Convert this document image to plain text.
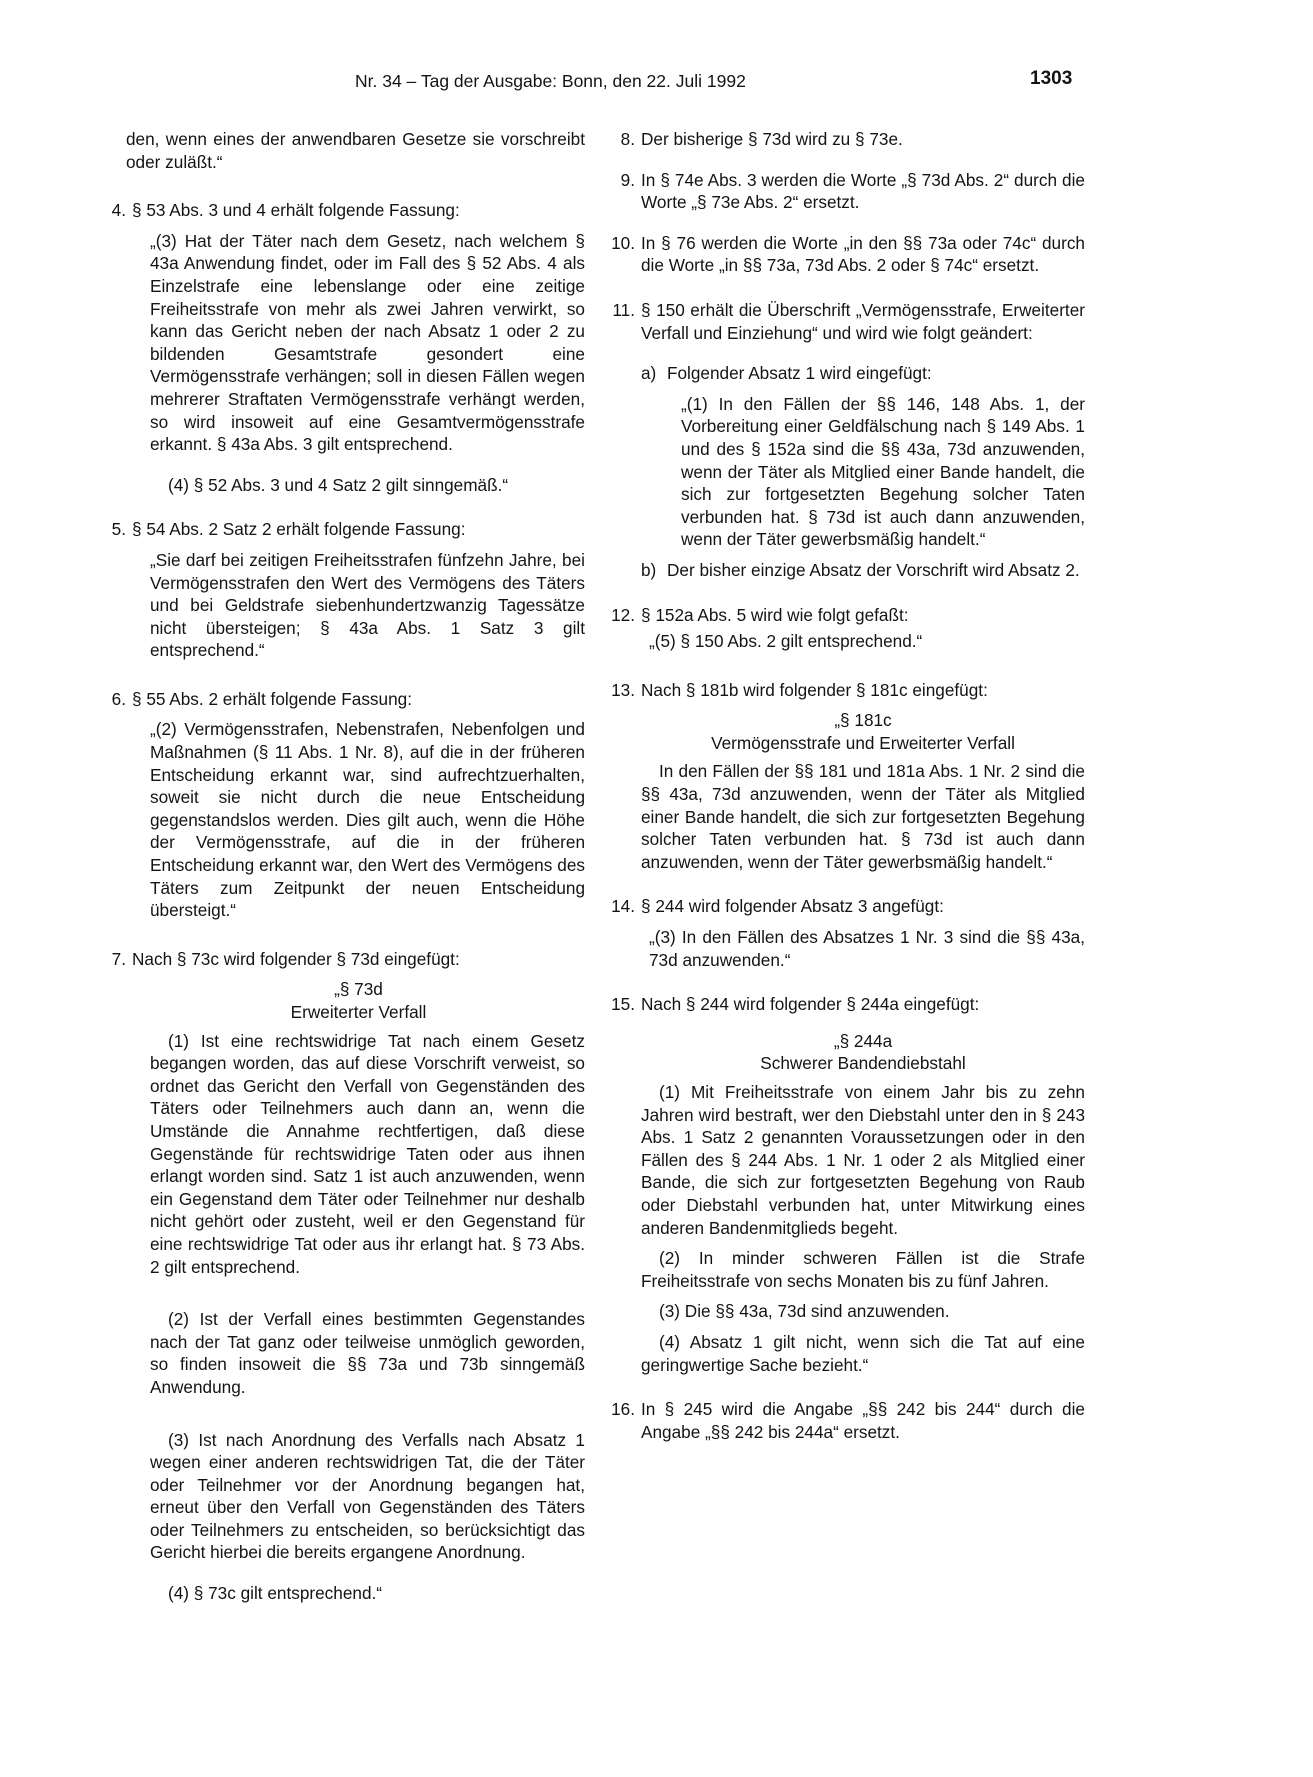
Nr. 34 – Tag der Ausgabe: Bonn, den 22. Juli 1992	1303
den, wenn eines der anwendbaren Gesetze sie vorschreibt oder zuläßt.“
4. § 53 Abs. 3 und 4 erhält folgende Fassung:

„(3) Hat der Täter nach dem Gesetz, nach welchem § 43a Anwendung findet, oder im Fall des § 52 Abs. 4 als Einzelstrafe eine lebenslange oder eine zeitige Freiheitsstrafe von mehr als zwei Jahren verwirkt, so kann das Gericht neben der nach Absatz 1 oder 2 zu bildenden Gesamtstrafe gesondert eine Vermögensstrafe verhängen; soll in diesen Fällen wegen mehrerer Straftaten Vermögensstrafe verhängt werden, so wird insoweit auf eine Gesamtvermögensstrafe erkannt. § 43a Abs. 3 gilt entsprechend.

(4) § 52 Abs. 3 und 4 Satz 2 gilt sinngemäß.“

5. § 54 Abs. 2 Satz 2 erhält folgende Fassung:

„Sie darf bei zeitigen Freiheitsstrafen fünfzehn Jahre, bei Vermögensstrafen den Wert des Vermögens des Täters und bei Geldstrafe siebenhundertzwanzig Tagessätze nicht übersteigen; § 43a Abs. 1 Satz 3 gilt entsprechend.“

6. § 55 Abs. 2 erhält folgende Fassung:

„(2) Vermögensstrafen, Nebenstrafen, Nebenfolgen und Maßnahmen (§ 11 Abs. 1 Nr. 8), auf die in der früheren Entscheidung erkannt war, sind aufrechtzuerhalten, soweit sie nicht durch die neue Entscheidung gegenstandslos werden. Dies gilt auch, wenn die Höhe der Vermögensstrafe, auf die in der früheren Entscheidung erkannt war, den Wert des Vermögens des Täters zum Zeitpunkt der neuen Entscheidung übersteigt.“

7. Nach § 73c wird folgender § 73d eingefügt:

„§ 73d

Erweiterter Verfall

(1) Ist eine rechtswidrige Tat nach einem Gesetz begangen worden, das auf diese Vorschrift verweist, so ordnet das Gericht den Verfall von Gegenständen des Täters oder Teilnehmers auch dann an, wenn die Umstände die Annahme rechtfertigen, daß diese Gegenstände für rechtswidrige Taten oder aus ihnen erlangt worden sind. Satz 1 ist auch anzuwenden, wenn ein Gegenstand dem Täter oder Teilnehmer nur deshalb nicht gehört oder zusteht, weil er den Gegenstand für eine rechtswidrige Tat oder aus ihr erlangt hat. § 73 Abs. 2 gilt entsprechend.

(2) Ist der Verfall eines bestimmten Gegenstandes nach der Tat ganz oder teilweise unmöglich geworden, so finden insoweit die §§ 73a und 73b sinngemäß Anwendung.

(3) Ist nach Anordnung des Verfalls nach Absatz 1 wegen einer anderen rechtswidrigen Tat, die der Täter oder Teilnehmer vor der Anordnung begangen hat, erneut über den Verfall von Gegenständen des Täters oder Teilnehmers zu entscheiden, so berücksichtigt das Gericht hierbei die bereits ergangene Anordnung.

(4) § 73c gilt entsprechend.“

8. Der bisherige § 73d wird zu § 73e.

9. In § 74e Abs. 3 werden die Worte „§ 73d Abs. 2“ durch die Worte „§ 73e Abs. 2“ ersetzt.

10. In § 76 werden die Worte „in den §§ 73a oder 74c“ durch die Worte „in §§ 73a, 73d Abs. 2 oder § 74c“ ersetzt.

11. § 150 erhält die Überschrift „Vermögensstrafe, Erweiterter Verfall und Einziehung“ und wird wie folgt geändert:

a) Folgender Absatz 1 wird eingefügt:

„(1) In den Fällen der §§ 146, 148 Abs. 1, der Vorbereitung einer Geldfälschung nach § 149 Abs. 1 und des § 152a sind die §§ 43a, 73d anzuwenden, wenn der Täter als Mitglied einer Bande handelt, die sich zur fortgesetzten Begehung solcher Taten verbunden hat. § 73d ist auch dann anzuwenden, wenn der Täter gewerbsmäßig handelt.“

b) Der bisher einzige Absatz der Vorschrift wird Absatz 2.

12. § 152a Abs. 5 wird wie folgt gefaßt:

„(5) § 150 Abs. 2 gilt entsprechend.“

13. Nach § 181b wird folgender § 181c eingefügt:

„§ 181c

Vermögensstrafe und Erweiterter Verfall

In den Fällen der §§ 181 und 181a Abs. 1 Nr. 2 sind die §§ 43a, 73d anzuwenden, wenn der Täter als Mitglied einer Bande handelt, die sich zur fortgesetzten Begehung solcher Taten verbunden hat. § 73d ist auch dann anzuwenden, wenn der Täter gewerbsmäßig handelt.“

14. § 244 wird folgender Absatz 3 angefügt:

„(3) In den Fällen des Absatzes 1 Nr. 3 sind die §§ 43a, 73d anzuwenden.“

15. Nach § 244 wird folgender § 244a eingefügt:

„§ 244a

Schwerer Bandendiebstahl

(1) Mit Freiheitsstrafe von einem Jahr bis zu zehn Jahren wird bestraft, wer den Diebstahl unter den in § 243 Abs. 1 Satz 2 genannten Voraussetzungen oder in den Fällen des § 244 Abs. 1 Nr. 1 oder 2 als Mitglied einer Bande, die sich zur fortgesetzten Begehung von Raub oder Diebstahl verbunden hat, unter Mitwirkung eines anderen Bandenmitglieds begeht.

(2) In minder schweren Fällen ist die Strafe Freiheitsstrafe von sechs Monaten bis zu fünf Jahren.

(3) Die §§ 43a, 73d sind anzuwenden.

(4) Absatz 1 gilt nicht, wenn sich die Tat auf eine geringwertige Sache bezieht.“

16. In § 245 wird die Angabe „§§ 242 bis 244“ durch die Angabe „§§ 242 bis 244a“ ersetzt.
